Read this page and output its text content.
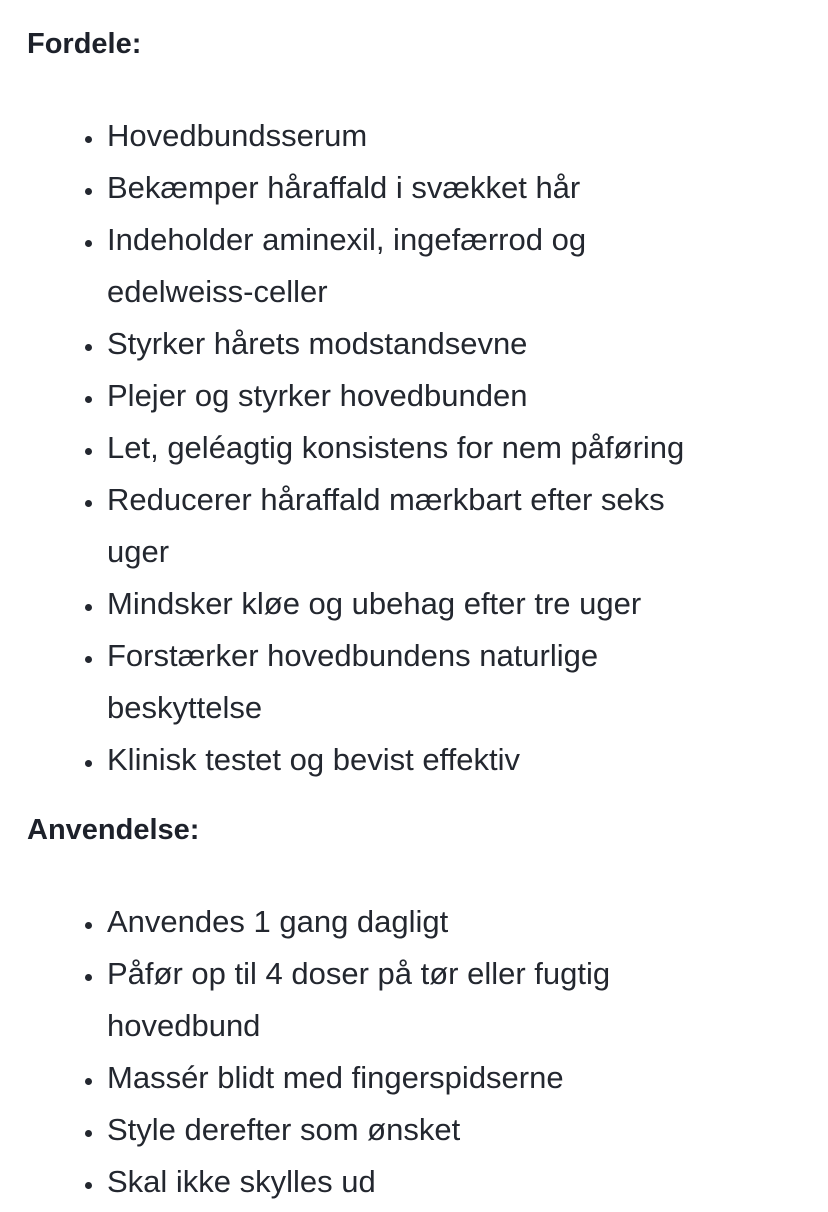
Fordele:
• Hovedbundsserum
• Bekæmper håraffald i svækket hår
• Indeholder aminexil, ingefærrod og edelweiss-celler
• Styrker hårets modstandsevne
• Plejer og styrker hovedbunden
• Let, geléagtig konsistens for nem påføring
• Reducerer håraffald mærkbart efter seks uger
• Mindsker kløe og ubehag efter tre uger
• Forstærker hovedbundens naturlige beskyttelse
• Klinisk testet og bevist effektiv
Anvendelse:
• Anvendes 1 gang dagligt
• Påfør op til 4 doser på tør eller fugtig hovedbund
• Massér blidt med fingerspidserne
• Style derefter som ønsket
• Skal ikke skylles ud
